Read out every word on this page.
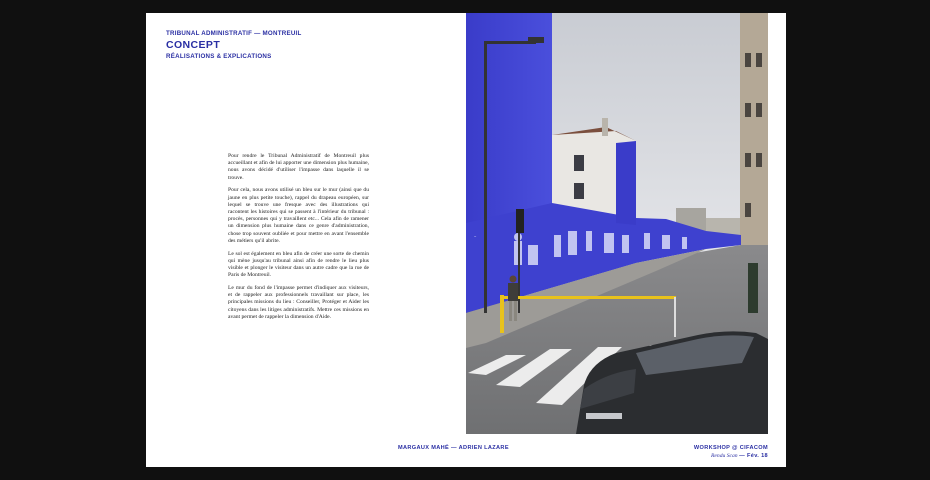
TRIBUNAL ADMINISTRATIF — MONTREUIL
CONCEPT
RÉALISATIONS & EXPLICATIONS

Pour rendre le Tribunal Administratif de Montreuil plus accueillant et afin de lui apporter une dimension plus humaine, nous avons décidé d'utiliser l'impasse dans laquelle il se trouve.

Pour cela, nous avons utilisé un bleu sur le mur (ainsi que du jaune en plus petite touche), rappel du drapeau européen, sur lequel se trouve une fresque avec des illustrations qui racontent les histoires qui se passent à l'intérieur du tribunal : procès, personnes qui y travaillent etc... Cela afin de ramener un dimension plus humaine dans ce genre d'administration, chose trop souvent oubliée et pour mettre en avant l'ensemble des métiers qu'il abrite.

Le sol est également en bleu afin de créer une sorte de chemin qui mène jusqu'au tribunal ainsi afin de rendre le lieu plus visible et plonger le visiteur dans un autre cadre que la rue de Paris de Montreuil.

Le mur du fond de l'impasse permet d'indiquer aux visiteurs, et de rappeler aux professionnels travaillant sur place, les principales missions du lieu : Conseiller, Protéger et Aider les citoyens dans les litiges administratifs. Mettre ces missions en avant permet de rappeler la dimension d'Aide.

~
MARGAUX MAHÉ — ADRIEN LAZARE	WORKSHOP @ CIFACOM
Rendu Scan — Fév. 18
